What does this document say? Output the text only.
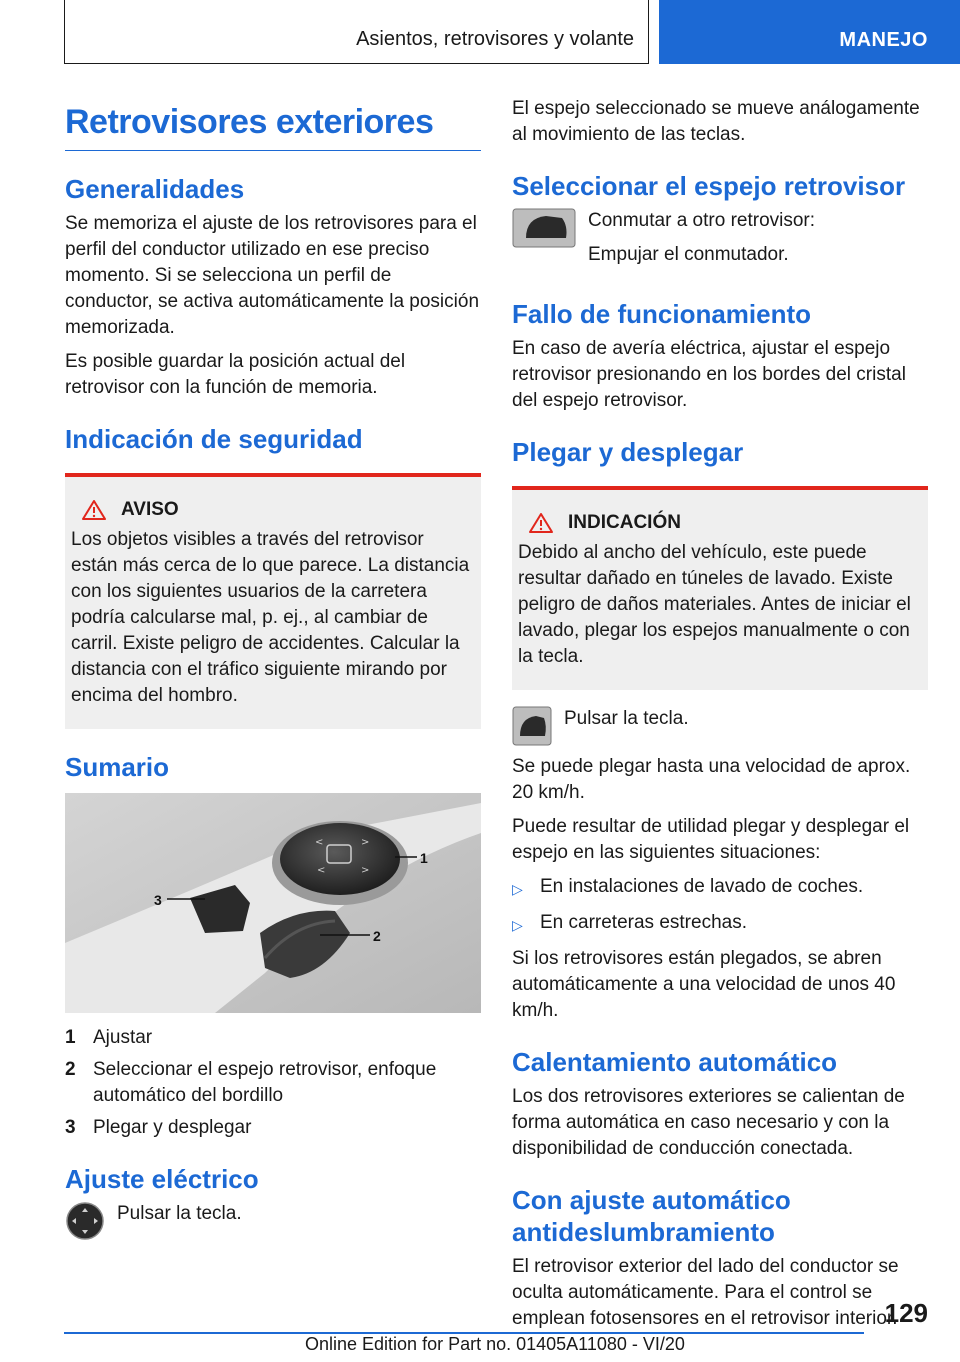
Asientos, retrovisores y volante	MANEJO
Retrovisores exteriores
Generalidades

Se memoriza el ajuste de los retrovisores para el perfil del conductor utilizado en ese preciso momento. Si se selecciona un perfil de conductor, se activa automáticamente la posición memorizada.

Es posible guardar la posición actual del retrovisor con la función de memoria.

Indicación de seguridad
AVISO

Los objetos visibles a través del retrovisor están más cerca de lo que parece. La distancia con los siguientes usuarios de la carretera podría calcularse mal, p. ej., al cambiar de carril. Existe peligro de accidentes. Calcular la distancia con el tráfico siguiente mirando por encima del hombro.

Sumario
<	>
<	>
1
2
3
1 Ajustar
2 Seleccionar el espejo retrovisor, enfoque automático del bordillo
3 Plegar y desplegar
Ajuste eléctrico

Pulsar la tecla.

El espejo seleccionado se mueve análogamente al movimiento de las teclas.

Seleccionar el espejo retrovisor

Conmutar a otro retrovisor:

Empujar el conmutador.

Fallo de funcionamiento

En caso de avería eléctrica, ajustar el espejo retrovisor presionando en los bordes del cristal del espejo retrovisor.

Plegar y desplegar
INDICACIÓN

Debido al ancho del vehículo, este puede resultar dañado en túneles de lavado. Existe peligro de daños materiales. Antes de iniciar el lavado, plegar los espejos manualmente o con la tecla.

Pulsar la tecla.

Se puede plegar hasta una velocidad de aprox. 20 km/h.

Puede resultar de utilidad plegar y desplegar el espejo en las siguientes situaciones:

▷ En instalaciones de lavado de coches.
▷ En carreteras estrechas.

Si los retrovisores están plegados, se abren automáticamente a una velocidad de unos 40 km/h.

Calentamiento automático

Los dos retrovisores exteriores se calientan de forma automática en caso necesario y con la disponibilidad de conducción conectada.

Con ajuste automático antideslumbramiento

El retrovisor exterior del lado del conductor se oculta automáticamente. Para el control se emplean fotosensores en el retrovisor interior.

129
Online Edition for Part no. 01405A11080 - VI/20
